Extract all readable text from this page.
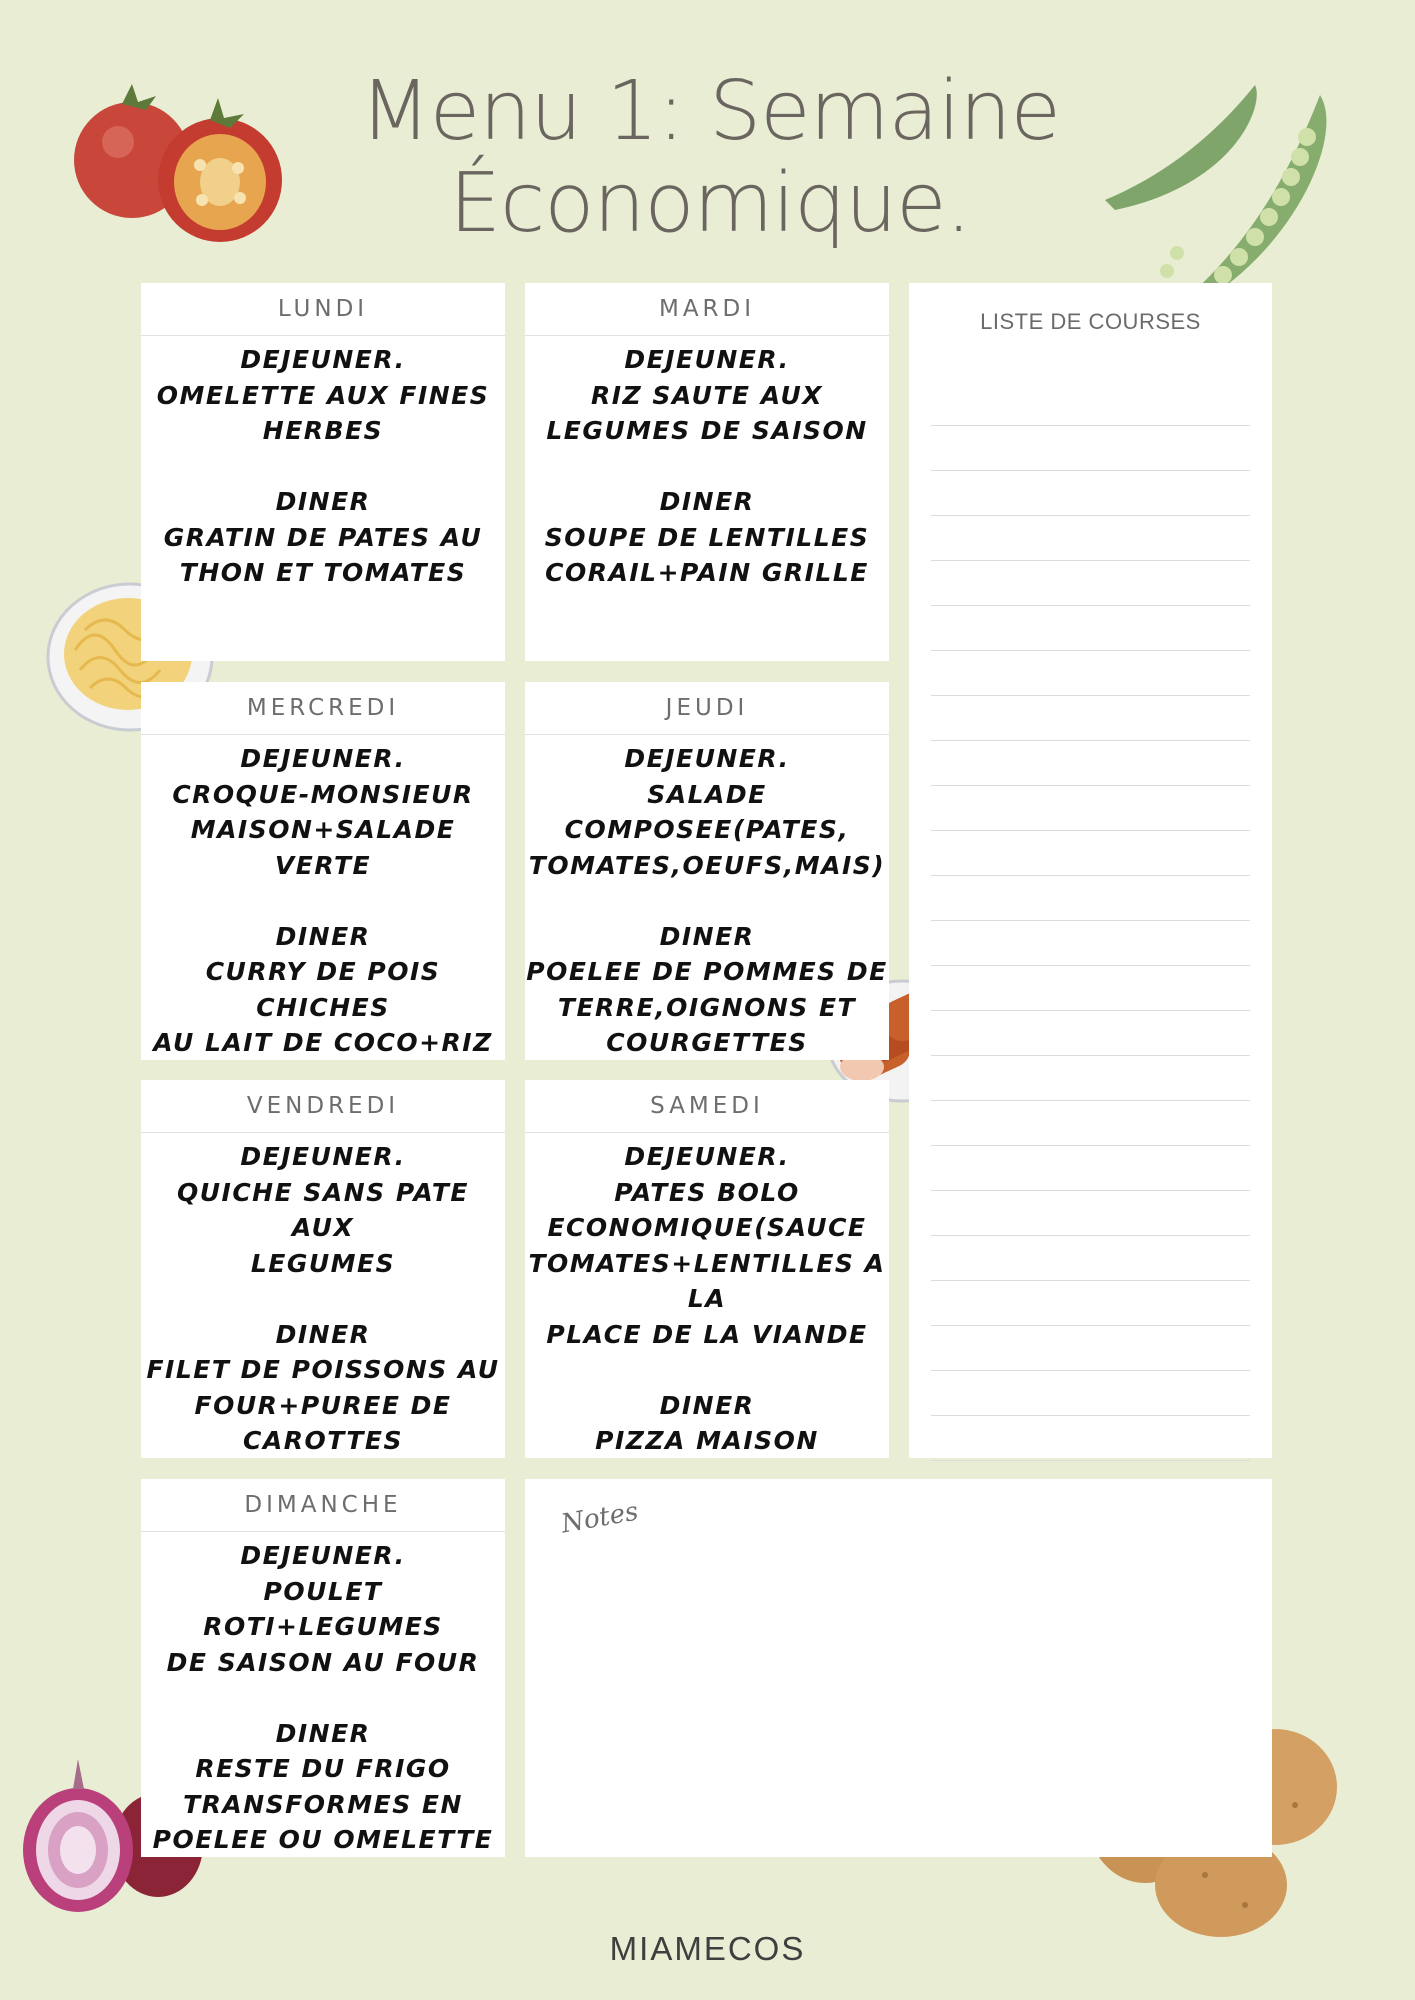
Menu 1: Semaine
Économique.
LUNDI
DEJEUNER.
OMELETTE AUX FINES
HERBES
DINER
GRATIN DE PATES AU
THON ET TOMATES
MARDI
DEJEUNER.
RIZ SAUTE AUX
LEGUMES DE SAISON
DINER
SOUPE DE LENTILLES
CORAIL+PAIN GRILLE
MERCREDI
DEJEUNER.
CROQUE-MONSIEUR
MAISON+SALADE VERTE
DINER
CURRY DE POIS CHICHES
AU LAIT DE COCO+RIZ
JEUDI
DEJEUNER.
SALADE
COMPOSEE(PATES,
TOMATES,OEUFS,MAIS)
DINER
POELEE DE POMMES DE
TERRE,OIGNONS ET
COURGETTES
VENDREDI
DEJEUNER.
QUICHE SANS PATE AUX
LEGUMES
DINER
FILET DE POISSONS AU
FOUR+PUREE DE
CAROTTES
SAMEDI
DEJEUNER.
PATES BOLO
ECONOMIQUE(SAUCE
TOMATES+LENTILLES A LA
PLACE DE LA VIANDE
DINER
PIZZA MAISON
DIMANCHE
DEJEUNER.
POULET ROTI+LEGUMES
DE SAISON AU FOUR
DINER
RESTE DU FRIGO
TRANSFORMES EN
POELEE OU OMELETTE
LISTE DE COURSES
Notes
MIAMECOS
